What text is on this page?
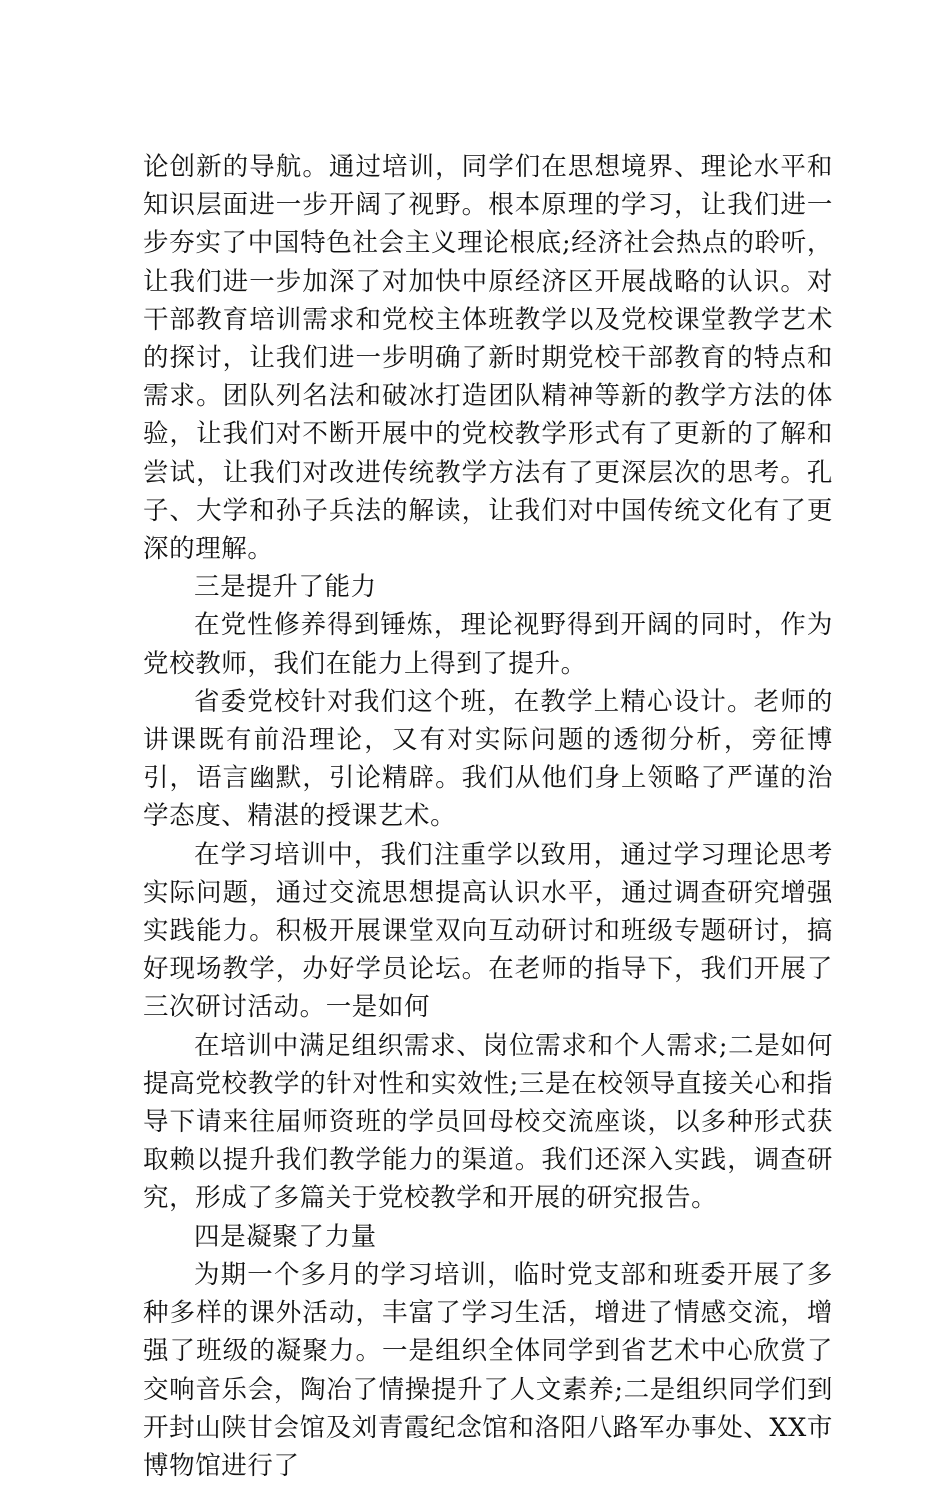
论创新的导航。通过培训，同学们在思想境界、理论水平和知识层面进一步开阔了视野。根本原理的学习，让我们进一步夯实了中国特色社会主义理论根底;经济社会热点的聆听，让我们进一步加深了对加快中原经济区开展战略的认识。对干部教育培训需求和党校主体班教学以及党校课堂教学艺术的探讨，让我们进一步明确了新时期党校干部教育的特点和需求。团队列名法和破冰打造团队精神等新的教学方法的体验，让我们对不断开展中的党校教学形式有了更新的了解和尝试，让我们对改进传统教学方法有了更深层次的思考。孔子、大学和孙子兵法的解读，让我们对中国传统文化有了更深的理解。

三是提升了能力

在党性修养得到锤炼，理论视野得到开阔的同时，作为党校教师，我们在能力上得到了提升。

省委党校针对我们这个班，在教学上精心设计。老师的讲课既有前沿理论，又有对实际问题的透彻分析，旁征博引，语言幽默，引论精辟。我们从他们身上领略了严谨的治学态度、精湛的授课艺术。

在学习培训中，我们注重学以致用，通过学习理论思考实际问题，通过交流思想提高认识水平，通过调查研究增强实践能力。积极开展课堂双向互动研讨和班级专题研讨，搞好现场教学，办好学员论坛。在老师的指导下，我们开展了三次研讨活动。一是如何

在培训中满足组织需求、岗位需求和个人需求;二是如何提高党校教学的针对性和实效性;三是在校领导直接关心和指导下请来往届师资班的学员回母校交流座谈，以多种形式获取赖以提升我们教学能力的渠道。我们还深入实践，调查研究，形成了多篇关于党校教学和开展的研究报告。

四是凝聚了力量

为期一个多月的学习培训，临时党支部和班委开展了多种多样的课外活动，丰富了学习生活，增进了情感交流，增强了班级的凝聚力。一是组织全体同学到省艺术中心欣赏了交响音乐会，陶冶了情操提升了人文素养;二是组织同学们到开封山陕甘会馆及刘青霞纪念馆和洛阳八路军办事处、XX市博物馆进行了
